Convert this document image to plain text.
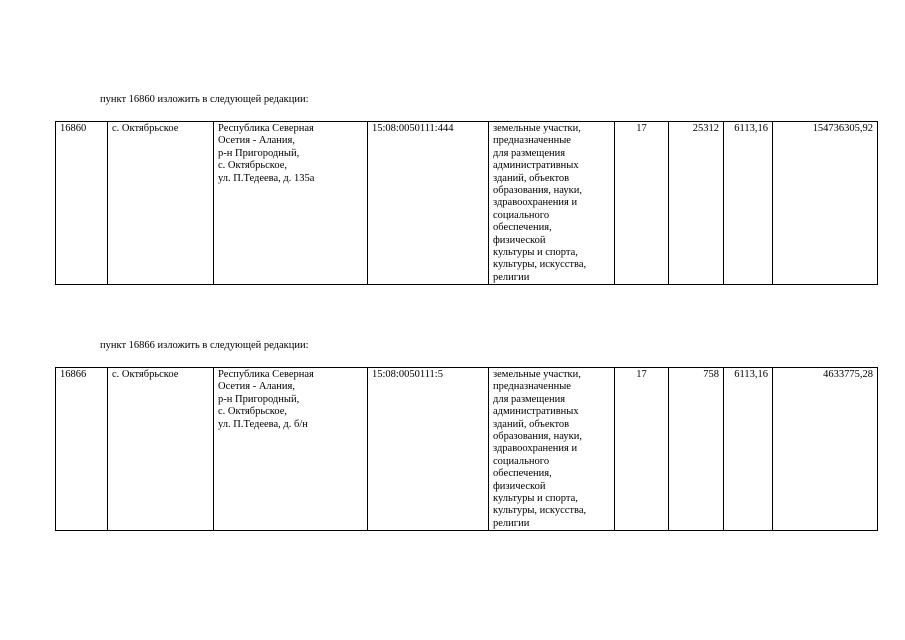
пункт 16860 изложить в следующей редакции:
16860	с. Октябрьское	Республика Северная
Осетия - Алания,
р-н Пригородный,
с. Октябрьское,
ул. П.Тедеева, д. 135а	15:08:0050111:444	земельные участки,
предназначенные
для размещения
административных
зданий, объектов
образования, науки,
здравоохранения и
социального
обеспечения,
физической
культуры и спорта,
культуры, искусства,
религии	17	25312	6113,16	154736305,92
пункт 16866 изложить в следующей редакции:
16866	с. Октябрьское	Республика Северная
Осетия - Алания,
р-н Пригородный,
с. Октябрьское,
ул. П.Тедеева, д. б/н	15:08:0050111:5	земельные участки,
предназначенные
для размещения
административных
зданий, объектов
образования, науки,
здравоохранения и
социального
обеспечения,
физической
культуры и спорта,
культуры, искусства,
религии	17	758	6113,16	4633775,28
